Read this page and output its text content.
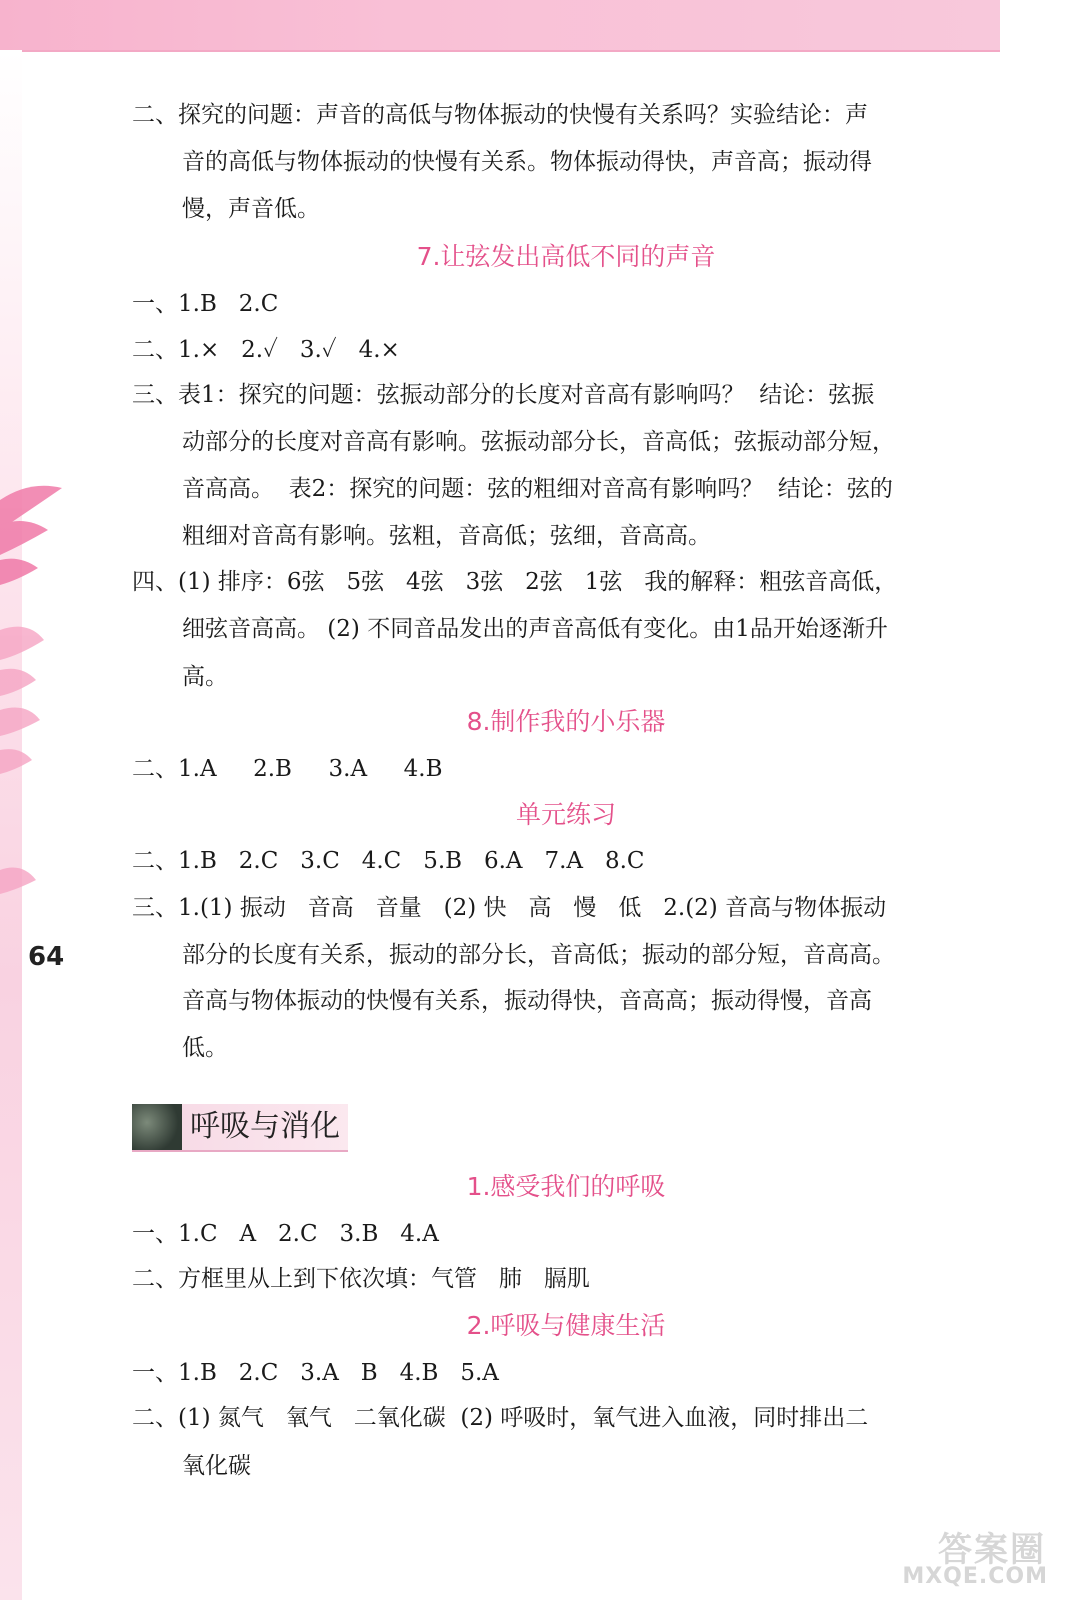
64
二、探究的问题：声音的高低与物体振动的快慢有关系吗？实验结论：声
音的高低与物体振动的快慢有关系。物体振动得快，声音高；振动得
慢，声音低。
7.让弦发出高低不同的声音
一、1.B   2.C
二、1.×   2.✓   3.✓   4.×
三、表1：探究的问题：弦振动部分的长度对音高有影响吗？  结论：弦振
动部分的长度对音高有影响。弦振动部分长，音高低；弦振动部分短，
音高高。  表2：探究的问题：弦的粗细对音高有影响吗？  结论：弦的
粗细对音高有影响。弦粗，音高低；弦细，音高高。
四、(1) 排序：6弦   5弦   4弦   3弦   2弦   1弦   我的解释：粗弦音高低，
细弦音高高。 (2) 不同音品发出的声音高低有变化。由1品开始逐渐升
高。
8.制作我的小乐器
二、1.A     2.B     3.A     4.B
单元练习
二、1.B   2.C   3.C   4.C   5.B   6.A   7.A   8.C
三、1.(1) 振动   音高   音量   (2) 快   高   慢   低   2.(2) 音高与物体振动
部分的长度有关系，振动的部分长，音高低；振动的部分短，音高高。
音高与物体振动的快慢有关系，振动得快，音高高；振动得慢，音高
低。
呼吸与消化
1.感受我们的呼吸
一、1.C   A   2.C   3.B   4.A
二、方框里从上到下依次填：气管   肺   膈肌
2.呼吸与健康生活
一、1.B   2.C   3.A   B   4.B   5.A
二、(1) 氮气   氧气   二氧化碳  (2) 呼吸时，氧气进入血液，同时排出二
氧化碳
答案圈
MXQE.COM
